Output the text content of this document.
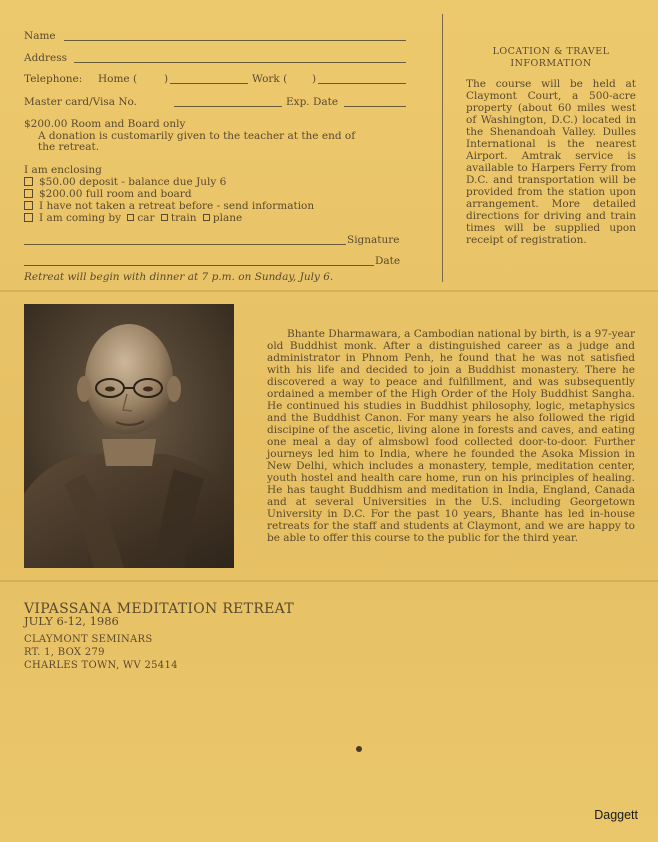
Name
Address
Telephone: Home (	)	Work ( )
Master card/Visa No.	Exp. Date
$200.00 Room and Board only
A donation is customarily given to the teacher at the end of
the retreat.
I am enclosing
$50.00 deposit - balance due July 6
$200.00 full room and board
I have not taken a retreat before - send information
I am coming by car train plane
Signature
Date
Retreat will begin with dinner at 7 p.m. on Sunday, July 6.
LOCATION & TRAVEL
INFORMATION
The course will be held at Claymont Court, a 500-acre property (about 60 miles west of Washington, D.C.) located in the Shenandoah Valley. Dulles International is the nearest Airport. Amtrak service is available to Harpers Ferry from D.C. and transportation will be provided from the station upon arrangement. More detailed directions for driving and train times will be supplied upon receipt of registration.
Bhante Dharmawara, a Cambodian national by birth, is a 97-year old Buddhist monk. After a distinguished career as a judge and administrator in Phnom Penh, he found that he was not satisfied with his life and decided to join a Buddhist monastery. There he discovered a way to peace and fulfillment, and was subsequently ordained a member of the High Order of the Holy Buddhist Sangha. He continued his studies in Buddhist philosophy, logic, metaphysics and the Buddhist Canon. For many years he also followed the rigid discipine of the ascetic, living alone in forests and caves, and eating one meal a day of almsbowl food collected door-to-door. Further journeys led him to India, where he founded the Asoka Mission in New Delhi, which includes a monastery, temple, meditation center, youth hostel and health care home, run on his principles of healing. He has taught Buddhism and meditation in India, England, Canada and at several Universities in the U.S. including Georgetown University in D.C. For the past 10 years, Bhante has led in-house retreats for the staff and students at Claymont, and we are happy to be able to offer this course to the public for the third year.
VIPASSANA MEDITATION RETREAT
JULY 6-12, 1986
CLAYMONT SEMINARS
RT. 1, BOX 279
CHARLES TOWN, WV 25414
Daggett
